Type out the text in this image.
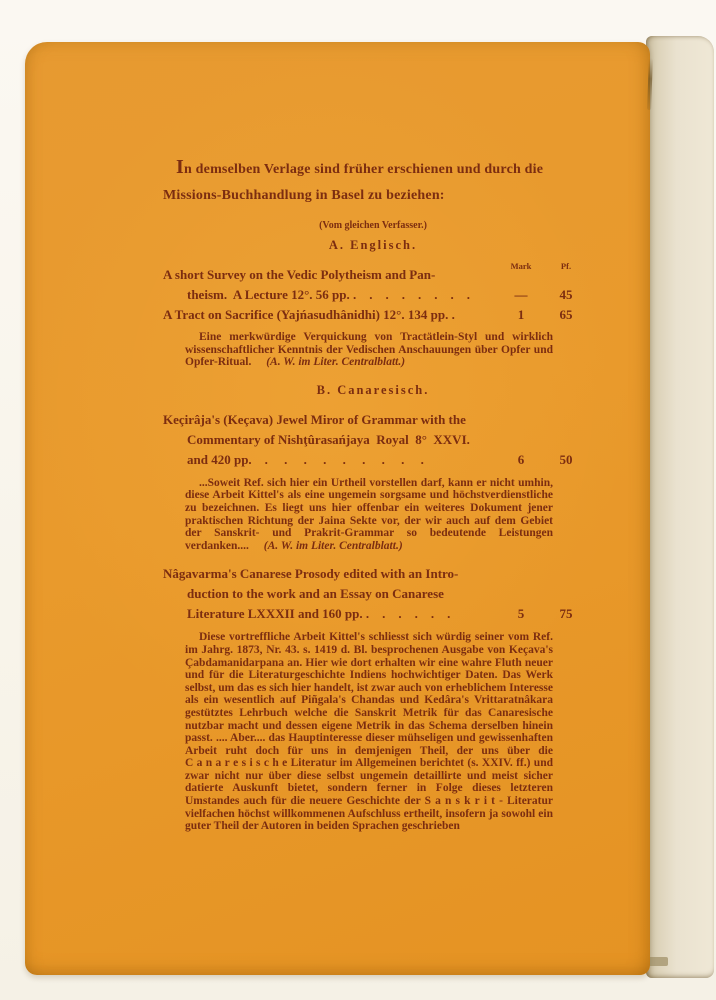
In demselben Verlage sind früher erschienen und durch die
Missions-Buchhandlung in Basel zu beziehen:
(Vom gleichen Verfasser.)
A. Englisch.
Mark	Pf.
A short Survey on the Vedic Polytheism and Pan-
theism.  A Lecture 12°. 56 pp. .    .    .    .    .    .    .    .	—	45
A Tract on Sacrifice (Yajńasudhânidhi) 12°. 134 pp. .	1	65
Eine merkwürdige Verquickung von Tractätlein-Styl und wirklich wissenschaftlicher Kenntnis der Vedischen Anschauungen über Opfer und Opfer-Ritual. (A. W. im Liter. Centralblatt.)
B. Canaresisch.
Keçirâja's (Keçava) Jewel Miror of Grammar with the
Commentary of Nishţûrasańjaya  Royal  8°  XXVI.
and 420 pp.    .     .     .     .     .     .     .     .     .	6	50
...Soweit Ref. sich hier ein Urtheil vorstellen darf, kann er nicht umhin, diese Arbeit Kittel's als eine ungemein sorgsame und höchstverdienstliche zu bezeichnen. Es liegt uns hier offenbar ein weiteres Dokument jener praktischen Richtung der Jaina Sekte vor, der wir auch auf dem Gebiet der Sanskrit- und Prakrit-Grammar so bedeutende Leistungen verdanken.... (A. W. im Liter. Centralblatt.)
Nâgavarma's Canarese Prosody edited with an Intro-
duction to the work and an Essay on Canarese
Literature LXXXII and 160 pp. .    .    .    .    .    .	5	75
Diese vortreffliche Arbeit Kittel's schliesst sich würdig seiner vom Ref. im Jahrg. 1873, Nr. 43. s. 1419 d. Bl. besprochenen Ausgabe von Keçava's Çabdamanidarpana an. Hier wie dort erhalten wir eine wahre Fluth neuer und für die Literaturgeschichte Indiens hochwichtiger Daten. Das Werk selbst, um das es sich hier handelt, ist zwar auch von erheblichem Interesse als ein wesentlich auf Piñgala's Chandas und Kedâra's Vrittaratnâkara gestütztes Lehrbuch welche die Sanskrit Metrik für das Canaresische nutzbar macht und dessen eigene Metrik in das Schema derselben hinein passt. .... Aber.... das Hauptinteresse dieser mühseligen und gewissenhaften Arbeit ruht doch für uns in demjenigen Theil, der uns über die C a n a r e s i s c h e Literatur im Allgemeinen berichtet (s. XXIV. ff.) und zwar nicht nur über diese selbst ungemein detaillirte und meist sicher datierte Auskunft bietet, sondern ferner in Folge dieses letzteren Umstandes auch für die neuere Geschichte der S a n s k r i t - Literatur vielfachen höchst willkommenen Aufschluss ertheilt, insofern ja sowohl ein guter Theil der Autoren in beiden Sprachen geschrieben
